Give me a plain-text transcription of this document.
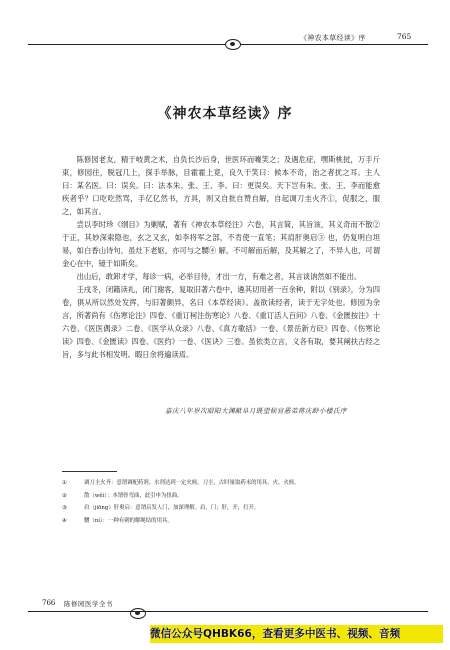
《神农本草经读》序	765
《神农本草经读》序

陈修园老友，精于岐黄之术，自负长沙后身，世医环而噱笑之；及遇危症，嘿斯桃挝，万手斤束，修园往，脱冠几上，探手举脉，目霍霍上竟，良久干笑曰：候本不奇，治之者扰之耳。主人曰：某名医。曰：误矣。曰：法本朱、张、王、李。曰：更误矣。天下岂有朱、张、王、李而能愈疾者乎？口吃吃然骂，手亿亿然书，方具，则又自批自赞自解，自起调刀圭火齐①，促服之，服之，如其言。

尝以李时珍《纲目》为剿赋，著有《神农本草经注》六卷，其言简，其旨该，其义奇而不散② 于正，其妙深索隐也，玄之又玄，如李将军之部，不肯使一直笔；其肩肝奥启③ 也，仍复明白坦易，如白香山诗句，虽灶下老妪，亦可与之嬲④ 解，不可解而后解，及其解之了，不异人也，可谓金心在中，镜于如斯矣。

出山后，敢卸才学，每诊一病，必举目待，才出一方，有难之者，其言谈讷然如不能出。

壬戌冬，闭籍读礼，闭门谢客，复取旧著六卷中，遴其切用者一百余种，附以《别录》，分为四卷，俱从所以然处发挥，与旧著颇异，名曰《本草经读》。盖欲读经者，读于无字处也。修园为余言，所著尚有《伤寒论注》四卷、《重订柯注伤寒论》八卷、《重订活人百问》八卷、《金匮按注》十六卷、《医医偶录》二卷、《医学从众录》八卷、《真方歌括》一卷、《景岳新方砭》四卷、《伤寒论读》四卷、《金匮读》四卷、《医约》一卷、《医诀》三卷。虽依类立言，义各有取，要其阐扶古经之旨，多与此书相发明。暇日余将遍读焉。

嘉庆八年岁次昭阳大渊献阜月既望候官愚弟蒋庆龄小楼氏序
①	调刀圭火齐：意谓调配药剂。水剂达到一定火候。刀圭，古时量取药末的用具。火，火候。
②	散（wěi）：本谓骨弯曲，此引申为扭曲。
③	肩（jiōng）肝奥启：意谓启发人门，加深理解。肩，门；肝，开，打开。
④	嬲（ní）：一种有刺的解绳结的用具。
766 陈修园医学全书
微信公众号QHBK66，查看更多中医书、视频、音频
